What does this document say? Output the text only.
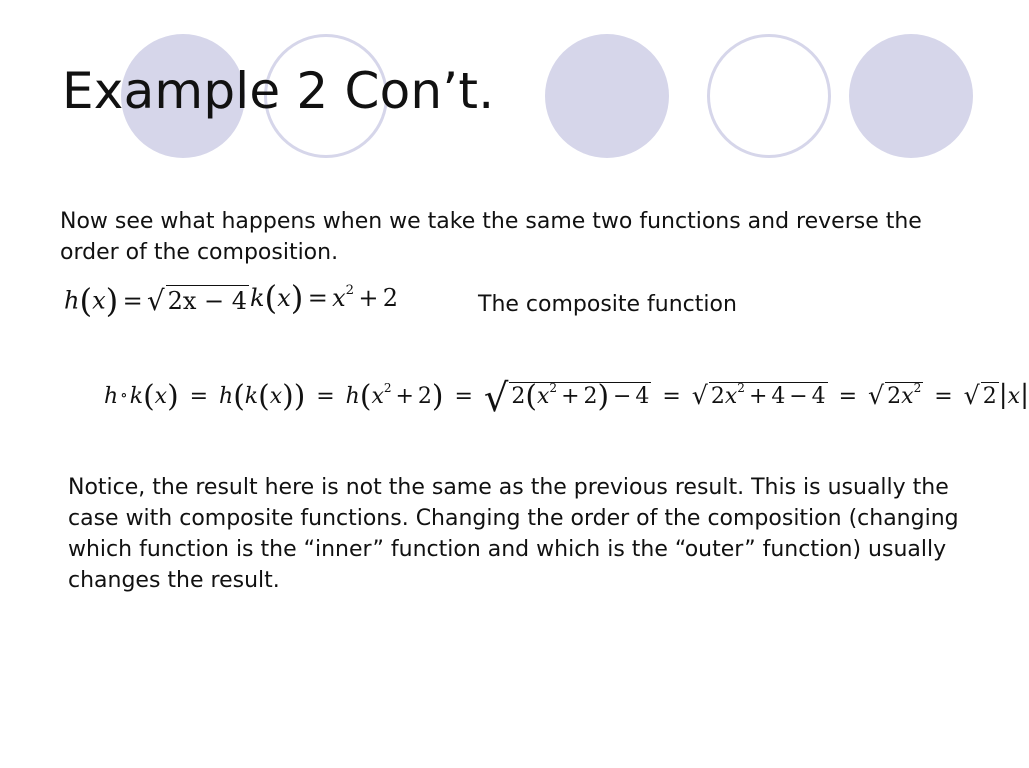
Example 2 Con’t.
Now see what happens when we take the same two functions and reverse the order of the composition.
h(x) = √ 2x − 4 $k(x) = x^2 + 2$	The composite function
h ∘k(x) = $h(k(x)) = h(x^2 + 2)$ = √ $2(x^2 + 2) - 4$ = √ $2x^2 + 4 - 4$ = √ $2x^2$ = √ 2|x|
Notice, the result here is not the same as the previous result. This is usually the case with composite functions. Changing the order of the composition (changing which function is the “inner” function and which is the “outer” function) usually changes the result.
